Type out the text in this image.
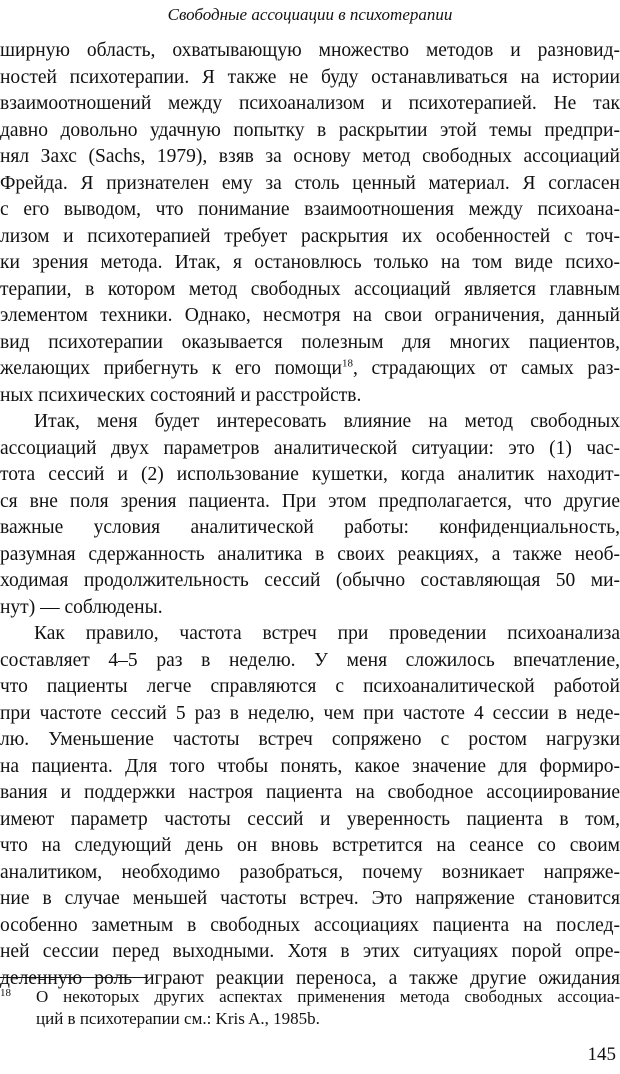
Свободные ассоциации в психотерапии
ширную область, охватывающую множество методов и разновид-
ностей психотерапии. Я также не буду останавливаться на истории
взаимоотношений между психоанализом и психотерапией. Не так
давно довольно удачную попытку в раскрытии этой темы предпри-
нял Захс (Sachs, 1979), взяв за основу метод свободных ассоциаций
Фрейда. Я признателен ему за столь ценный материал. Я согласен
с его выводом, что понимание взаимоотношения между психоана-
лизом и психотерапией требует раскрытия их особенностей с точ-
ки зрения метода. Итак, я остановлюсь только на том виде психо-
терапии, в котором метод свободных ассоциаций является главным
элементом техники. Однако, несмотря на свои ограничения, данный
вид психотерапии оказывается полезным для многих пациентов,
желающих прибегнуть к его помощи$^{18}$, страдающих от самых раз-
ных психических состояний и расстройств.
Итак, меня будет интересовать влияние на метод свободных
ассоциаций двух параметров аналитической ситуации: это (1) час-
тота сессий и (2) использование кушетки, когда аналитик находит-
ся вне поля зрения пациента. При этом предполагается, что другие
важные условия аналитической работы: конфиденциальность,
разумная сдержанность аналитика в своих реакциях, а также необ-
ходимая продолжительность сессий (обычно составляющая 50 ми-
нут) — соблюдены.
Как правило, частота встреч при проведении психоанализа
составляет 4–5 раз в неделю. У меня сложилось впечатление,
что пациенты легче справляются с психоаналитической работой
при частоте сессий 5 раз в неделю, чем при частоте 4 сессии в неде-
лю. Уменьшение частоты встреч сопряжено с ростом нагрузки
на пациента. Для того чтобы понять, какое значение для формиро-
вания и поддержки настроя пациента на свободное ассоциирование
имеют параметр частоты сессий и уверенность пациента в том,
что на следующий день он вновь встретится на сеансе со своим
аналитиком, необходимо разобраться, почему возникает напряже-
ние в случае меньшей частоты встреч. Это напряжение становится
особенно заметным в свободных ассоциациях пациента на послед-
ней сессии перед выходными. Хотя в этих ситуациях порой опре-
деленную роль играют реакции переноса, а также другие ожидания
18 О некоторых других аспектах применения метода свободных ассоциа-
ций в психотерапии см.: Kris A., 1985b.
145
